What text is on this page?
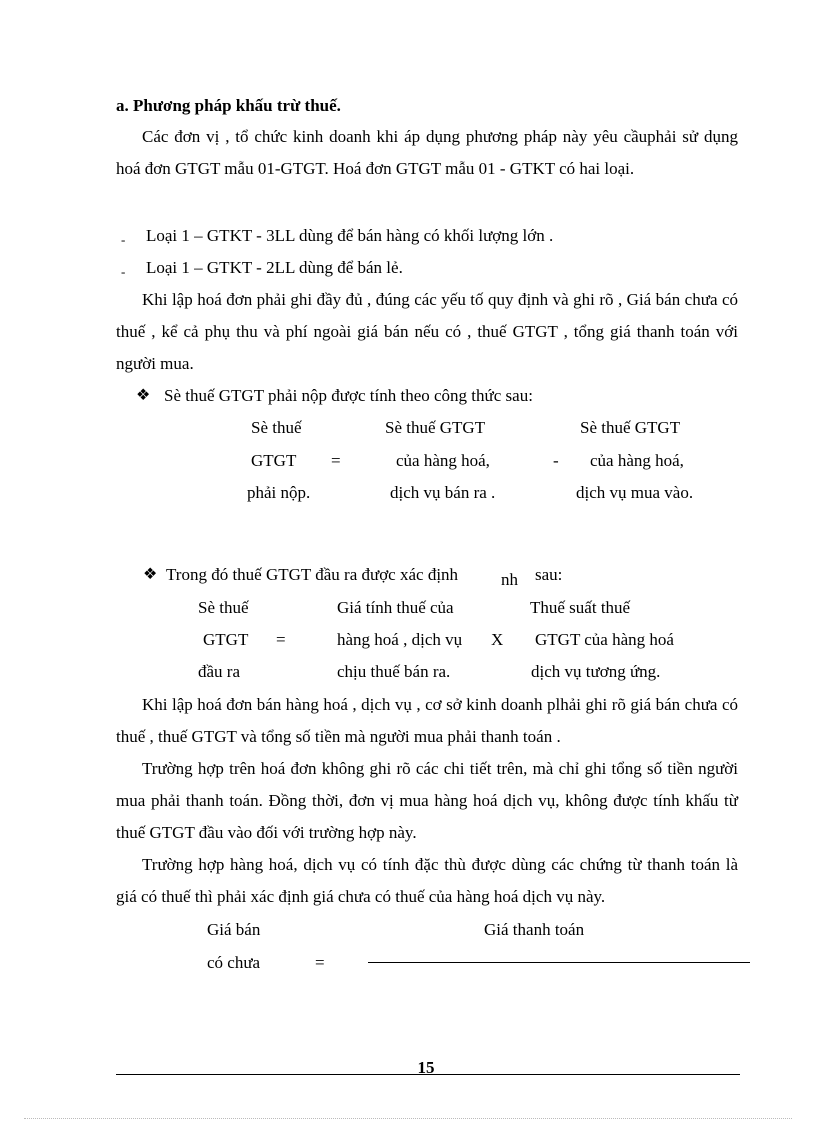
a. Phương pháp khấu trừ thuế.

Các đơn vị , tổ chức kinh doanh khi áp dụng phương pháp này yêu cầuphải sử dụng hoá đơn GTGT mẫu 01-GTGT. Hoá đơn GTGT mẫu 01 - GTKT có hai loại.

- Loại 1 – GTKT - 3LL dùng để bán hàng có khối lượng lớn .
- Loại 1 – GTKT - 2LL dùng để bán lẻ.

Khi lập hoá đơn phải ghi đầy đủ , đúng các yếu tố quy định và ghi rõ , Giá bán chưa có thuế , kể cả phụ thu và phí ngoài giá bán nếu có , thuế GTGT , tổng giá thanh toán với người mua.

❖ Sè thuế GTGT phải nộp được tính theo công thức sau:
Sè thuế
GTGT
phải nộp.
=
Sè thuế GTGT
của hàng hoá,
dịch vụ bán ra .
-
Sè thuế GTGT
của hàng hoá,
dịch vụ mua vào.
❖ Trong đó thuế GTGT đầu ra được xác định	nh sau:
Sè thuế
GTGT
đầu ra
=
Giá tính thuế của
hàng hoá , dịch vụ
chịu thuế bán ra.
X
Thuế suất thuế
GTGT của hàng hoá
dịch vụ tương ứng.

Khi lập hoá đơn bán hàng hoá , dịch vụ , cơ sở kinh doanh plhải ghi rõ giá bán chưa có thuế , thuế GTGT và tổng số tiền mà người mua phải thanh toán .

Trường hợp trên hoá đơn không ghi rõ các chi tiết trên, mà chỉ ghi tổng số tiền người mua phải thanh toán. Đồng thời, đơn vị mua hàng hoá dịch vụ, không được tính khấu từ thuế GTGT đầu vào đối với trường hợp này.

Trường hợp hàng hoá, dịch vụ có tính đặc thù được dùng các chứng từ thanh toán là giá có thuế thì phải xác định giá chưa có thuế của hàng hoá dịch vụ này.

Giá bán
có chưa	=
Giá thanh toán
15
